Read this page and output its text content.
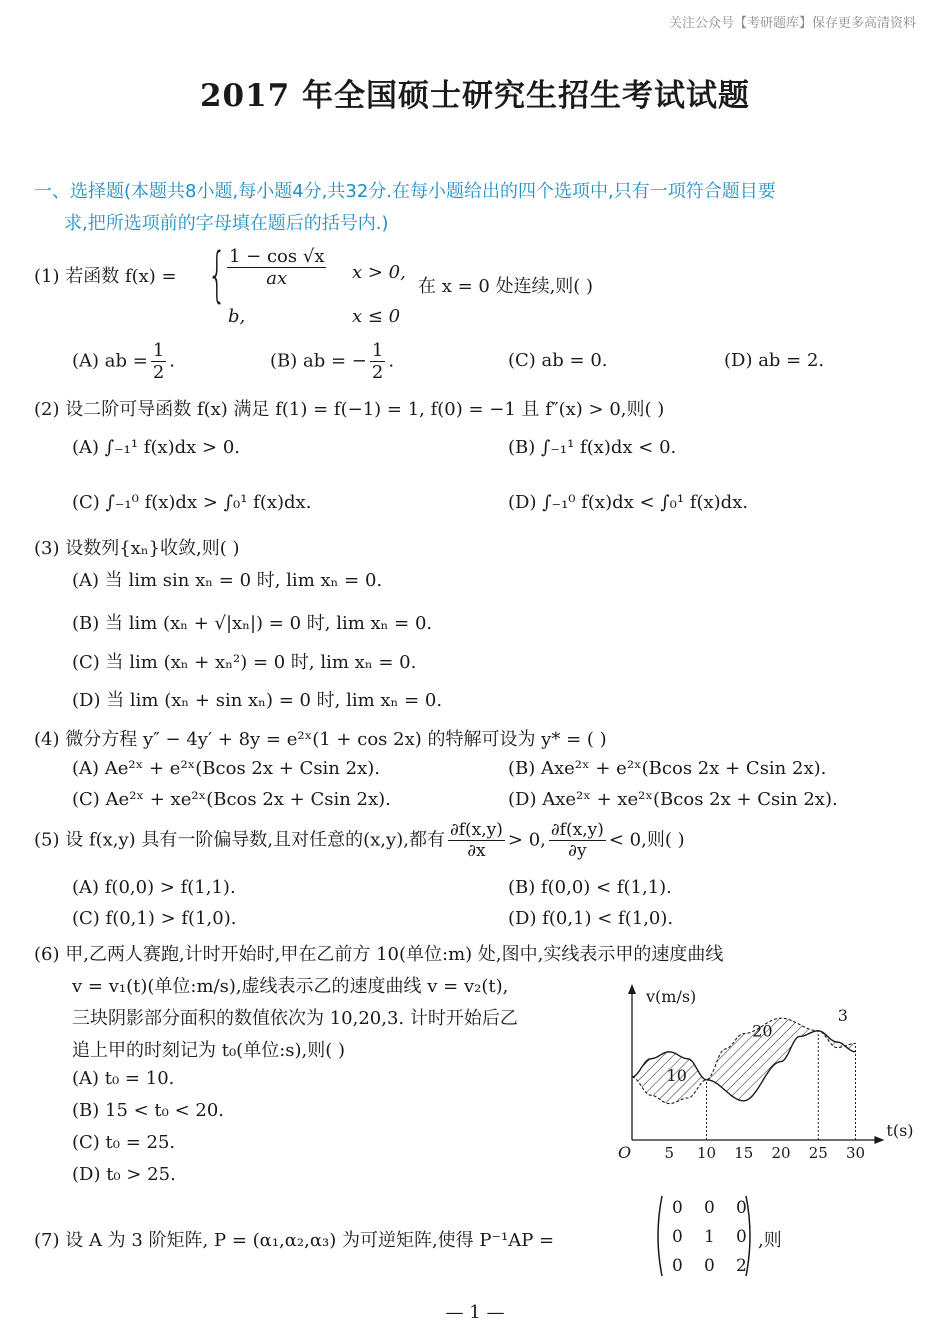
关注公众号【考研题库】保存更多高清资料
2017 年全国硕士研究生招生考试试题
一、选择题(本题共8小题,每小题4分,共32分.在每小题给出的四个选项中,只有一项符合题目要
求,把所选项前的字母填在题后的括号内.)
(1) 若函数 f(x) = { $\frac{1 - \cos √x}{ax}$ x > 0,
b,	x ≤ 0
在 x = 0 处连续,则( )
(A) ab = $\frac{1}{2}$ .	(B) ab = − $\frac{1}{2}$ .	(C) ab = 0.	(D) ab = 2.
(2) 设二阶可导函数 f(x) 满足 f(1) = f(−1) = 1, f(0) = −1 且 f″(x) > 0,则( )
(A) ∫₋₁¹ f(x)dx > 0.	(B) ∫₋₁¹ f(x)dx < 0.
(C) ∫₋₁⁰ f(x)dx > ∫₀¹ f(x)dx.	(D) ∫₋₁⁰ f(x)dx < ∫₀¹ f(x)dx.
(3) 设数列{xₙ}收敛,则( )
(A) 当 lim sin xₙ = 0 时, lim xₙ = 0.
(B) 当 lim (xₙ + √|xₙ|) = 0 时, lim xₙ = 0.
(C) 当 lim (xₙ + xₙ²) = 0 时, lim xₙ = 0.
(D) 当 lim (xₙ + sin xₙ) = 0 时, lim xₙ = 0.
(4) 微分方程 y″ − 4y′ + 8y = e²ˣ(1 + cos 2x) 的特解可设为 y* = ( )
(A) Ae²ˣ + e²ˣ(Bcos 2x + Csin 2x).	(B) Axe²ˣ + e²ˣ(Bcos 2x + Csin 2x).
(C) Ae²ˣ + xe²ˣ(Bcos 2x + Csin 2x).	(D) Axe²ˣ + xe²ˣ(Bcos 2x + Csin 2x).
(5) 设 f(x,y) 具有一阶偏导数,且对任意的(x,y),都有 $\frac{\partial f(x,y)}{\partial x} > 0$, $\frac{\partial f(x,y)}{\partial y} < 0$,则( )
(A) f(0,0) > f(1,1).	(B) f(0,0) < f(1,1).
(C) f(0,1) > f(1,0).	(D) f(0,1) < f(1,0).
(6) 甲,乙两人赛跑,计时开始时,甲在乙前方 10(单位:m) 处,图中,实线表示甲的速度曲线
v = v₁(t)(单位:m/s),虚线表示乙的速度曲线 v = v₂(t),
三块阴影部分面积的数值依次为 10,20,3. 计时开始后乙
追上甲的时刻记为 t₀(单位:s),则( )
(A) t₀ = 10.
(B) 15 < t₀ < 20.
(C) t₀ = 25.
(D) t₀ > 25.
5 10 15 20 25 30
O
t(s)
v(m/s)
10
20
3
(7) 设 A 为 3 阶矩阵, P = (α₁,α₂,α₃) 为可逆矩阵,使得 P⁻¹AP =
0 0 0
0 1 0
0 0 2
,则
— 1 —
